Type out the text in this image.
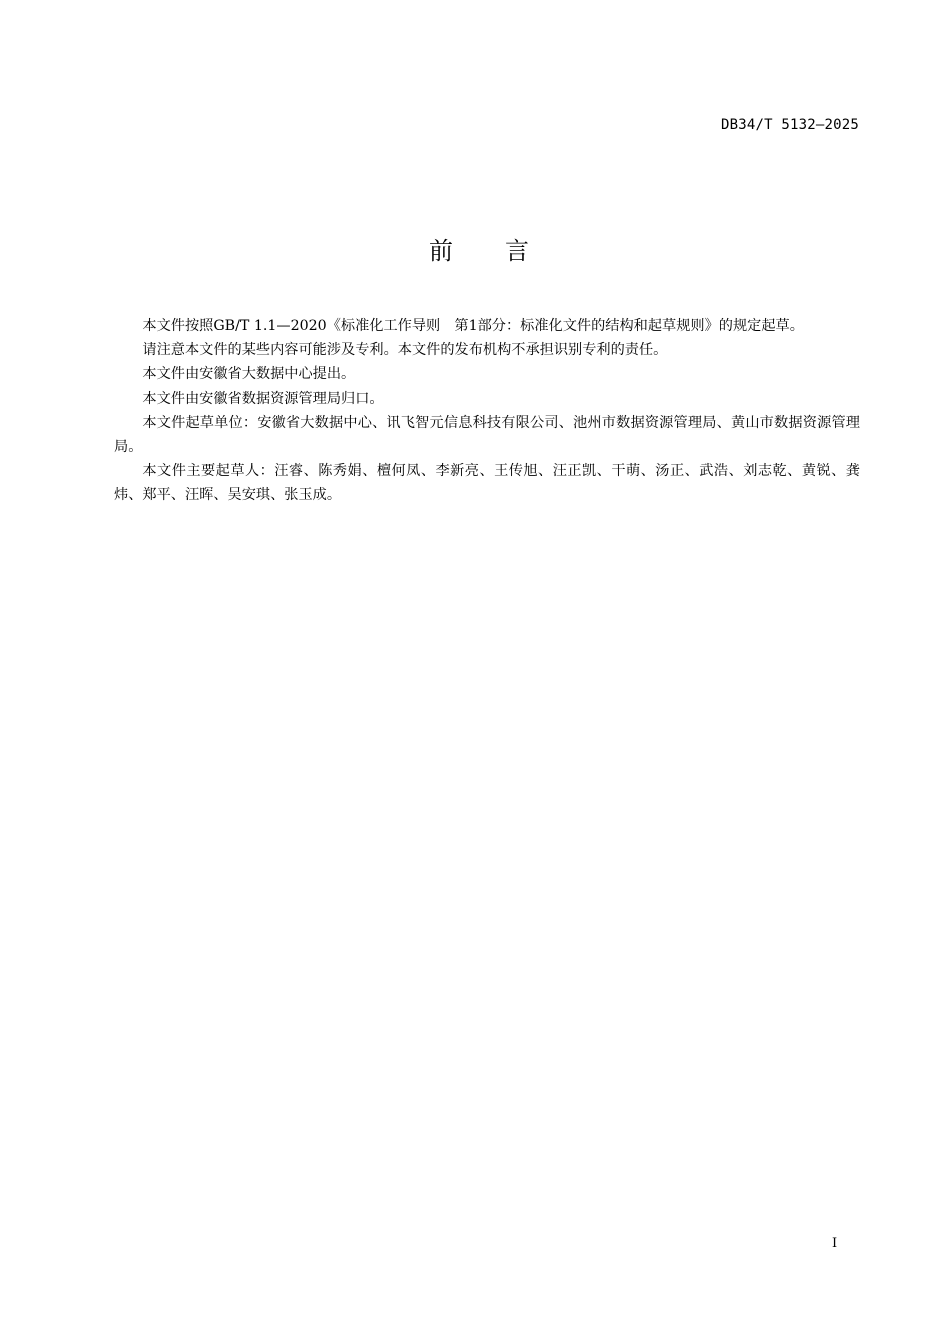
DB34/T 5132—2025
前言

本文件按照GB/T 1.1—2020《标准化工作导则　第1部分：标准化文件的结构和起草规则》的规定起草。

请注意本文件的某些内容可能涉及专利。本文件的发布机构不承担识别专利的责任。

本文件由安徽省大数据中心提出。

本文件由安徽省数据资源管理局归口。

本文件起草单位：安徽省大数据中心、讯飞智元信息科技有限公司、池州市数据资源管理局、黄山市数据资源管理局。

本文件主要起草人：汪睿、陈秀娟、檀何凤、李新亮、王传旭、汪正凯、干萌、汤正、武浩、刘志乾、黄锐、龚炜、郑平、汪晖、吴安琪、张玉成。

I
